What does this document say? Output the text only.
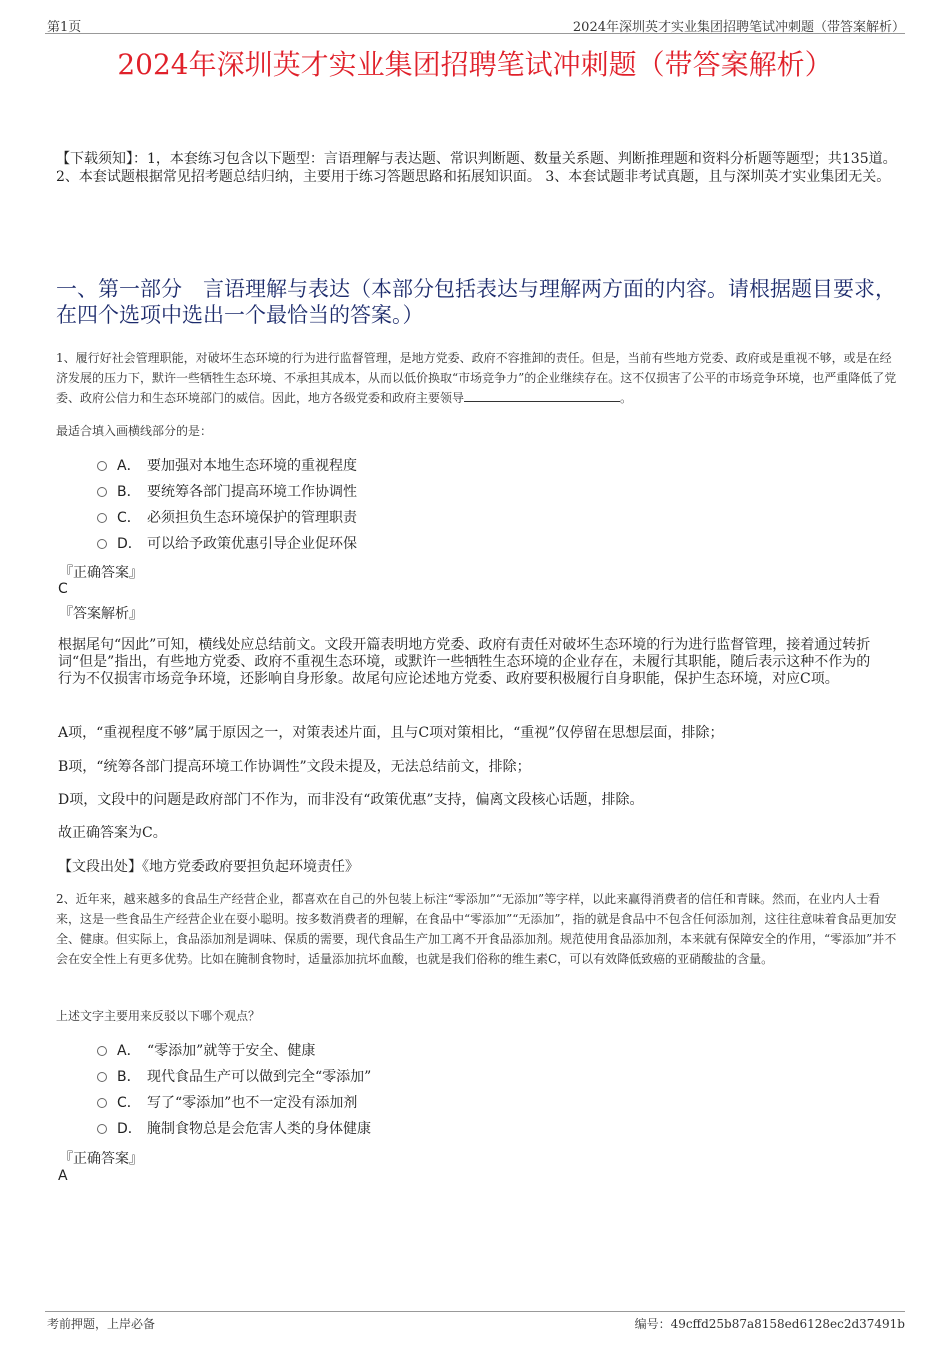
第1页	2024年深圳英才实业集团招聘笔试冲刺题（带答案解析）
2024年深圳英才实业集团招聘笔试冲刺题（带答案解析）
【下载须知】：1，本套练习包含以下题型：言语理解与表达题、常识判断题、数量关系题、判断推理题和资料分析题等题型；共135道。 2、本套试题根据常见招考题总结归纳，主要用于练习答题思路和拓展知识面。 3、本套试题非考试真题，且与深圳英才实业集团无关。
一、第一部分　言语理解与表达（本部分包括表达与理解两方面的内容。请根据题目要求，在四个选项中选出一个最恰当的答案。）
1、履行好社会管理职能，对破坏生态环境的行为进行监督管理，是地方党委、政府不容推卸的责任。但是，当前有些地方党委、政府或是重视不够，或是在经济发展的压力下，默许一些牺牲生态环境、不承担其成本，从而以低价换取“市场竞争力”的企业继续存在。这不仅损害了公平的市场竞争环境，也严重降低了党委、政府公信力和生态环境部门的威信。因此，地方各级党委和政府主要领导	。
最适合填入画横线部分的是：
A． 要加强对本地生态环境的重视程度
B． 要统筹各部门提高环境工作协调性
C． 必须担负生态环境保护的管理职责
D． 可以给予政策优惠引导企业促环保
『正确答案』
C
『答案解析』
根据尾句“因此”可知，横线处应总结前文。文段开篇表明地方党委、政府有责任对破坏生态环境的行为进行监督管理，接着通过转折词“但是”指出，有些地方党委、政府不重视生态环境，或默许一些牺牲生态环境的企业存在，未履行其职能，随后表示这种不作为的行为不仅损害市场竞争环境，还影响自身形象。故尾句应论述地方党委、政府要积极履行自身职能，保护生态环境，对应C项。
A项，“重视程度不够”属于原因之一，对策表述片面，且与C项对策相比，“重视”仅停留在思想层面，排除；
B项，“统筹各部门提高环境工作协调性”文段未提及，无法总结前文，排除；
D项，文段中的问题是政府部门不作为，而非没有“政策优惠”支持，偏离文段核心话题，排除。
故正确答案为C。
【文段出处】《地方党委政府要担负起环境责任》
2、近年来，越来越多的食品生产经营企业，都喜欢在自己的外包装上标注“零添加”“无添加”等字样，以此来赢得消费者的信任和青睐。然而，在业内人士看来，这是一些食品生产经营企业在耍小聪明。按多数消费者的理解，在食品中“零添加”“无添加”，指的就是食品中不包含任何添加剂，这往往意味着食品更加安全、健康。但实际上，食品添加剂是调味、保质的需要，现代食品生产加工离不开食品添加剂。规范使用食品添加剂，本来就有保障安全的作用，“零添加”并不会在安全性上有更多优势。比如在腌制食物时，适量添加抗坏血酸，也就是我们俗称的维生素C，可以有效降低致癌的亚硝酸盐的含量。
上述文字主要用来反驳以下哪个观点？
A． “零添加”就等于安全、健康
B． 现代食品生产可以做到完全“零添加”
C． 写了“零添加”也不一定没有添加剂
D． 腌制食物总是会危害人类的身体健康
『正确答案』
A
考前押题，上岸必备	编号：49cffd25b87a8158ed6128ec2d37491b
